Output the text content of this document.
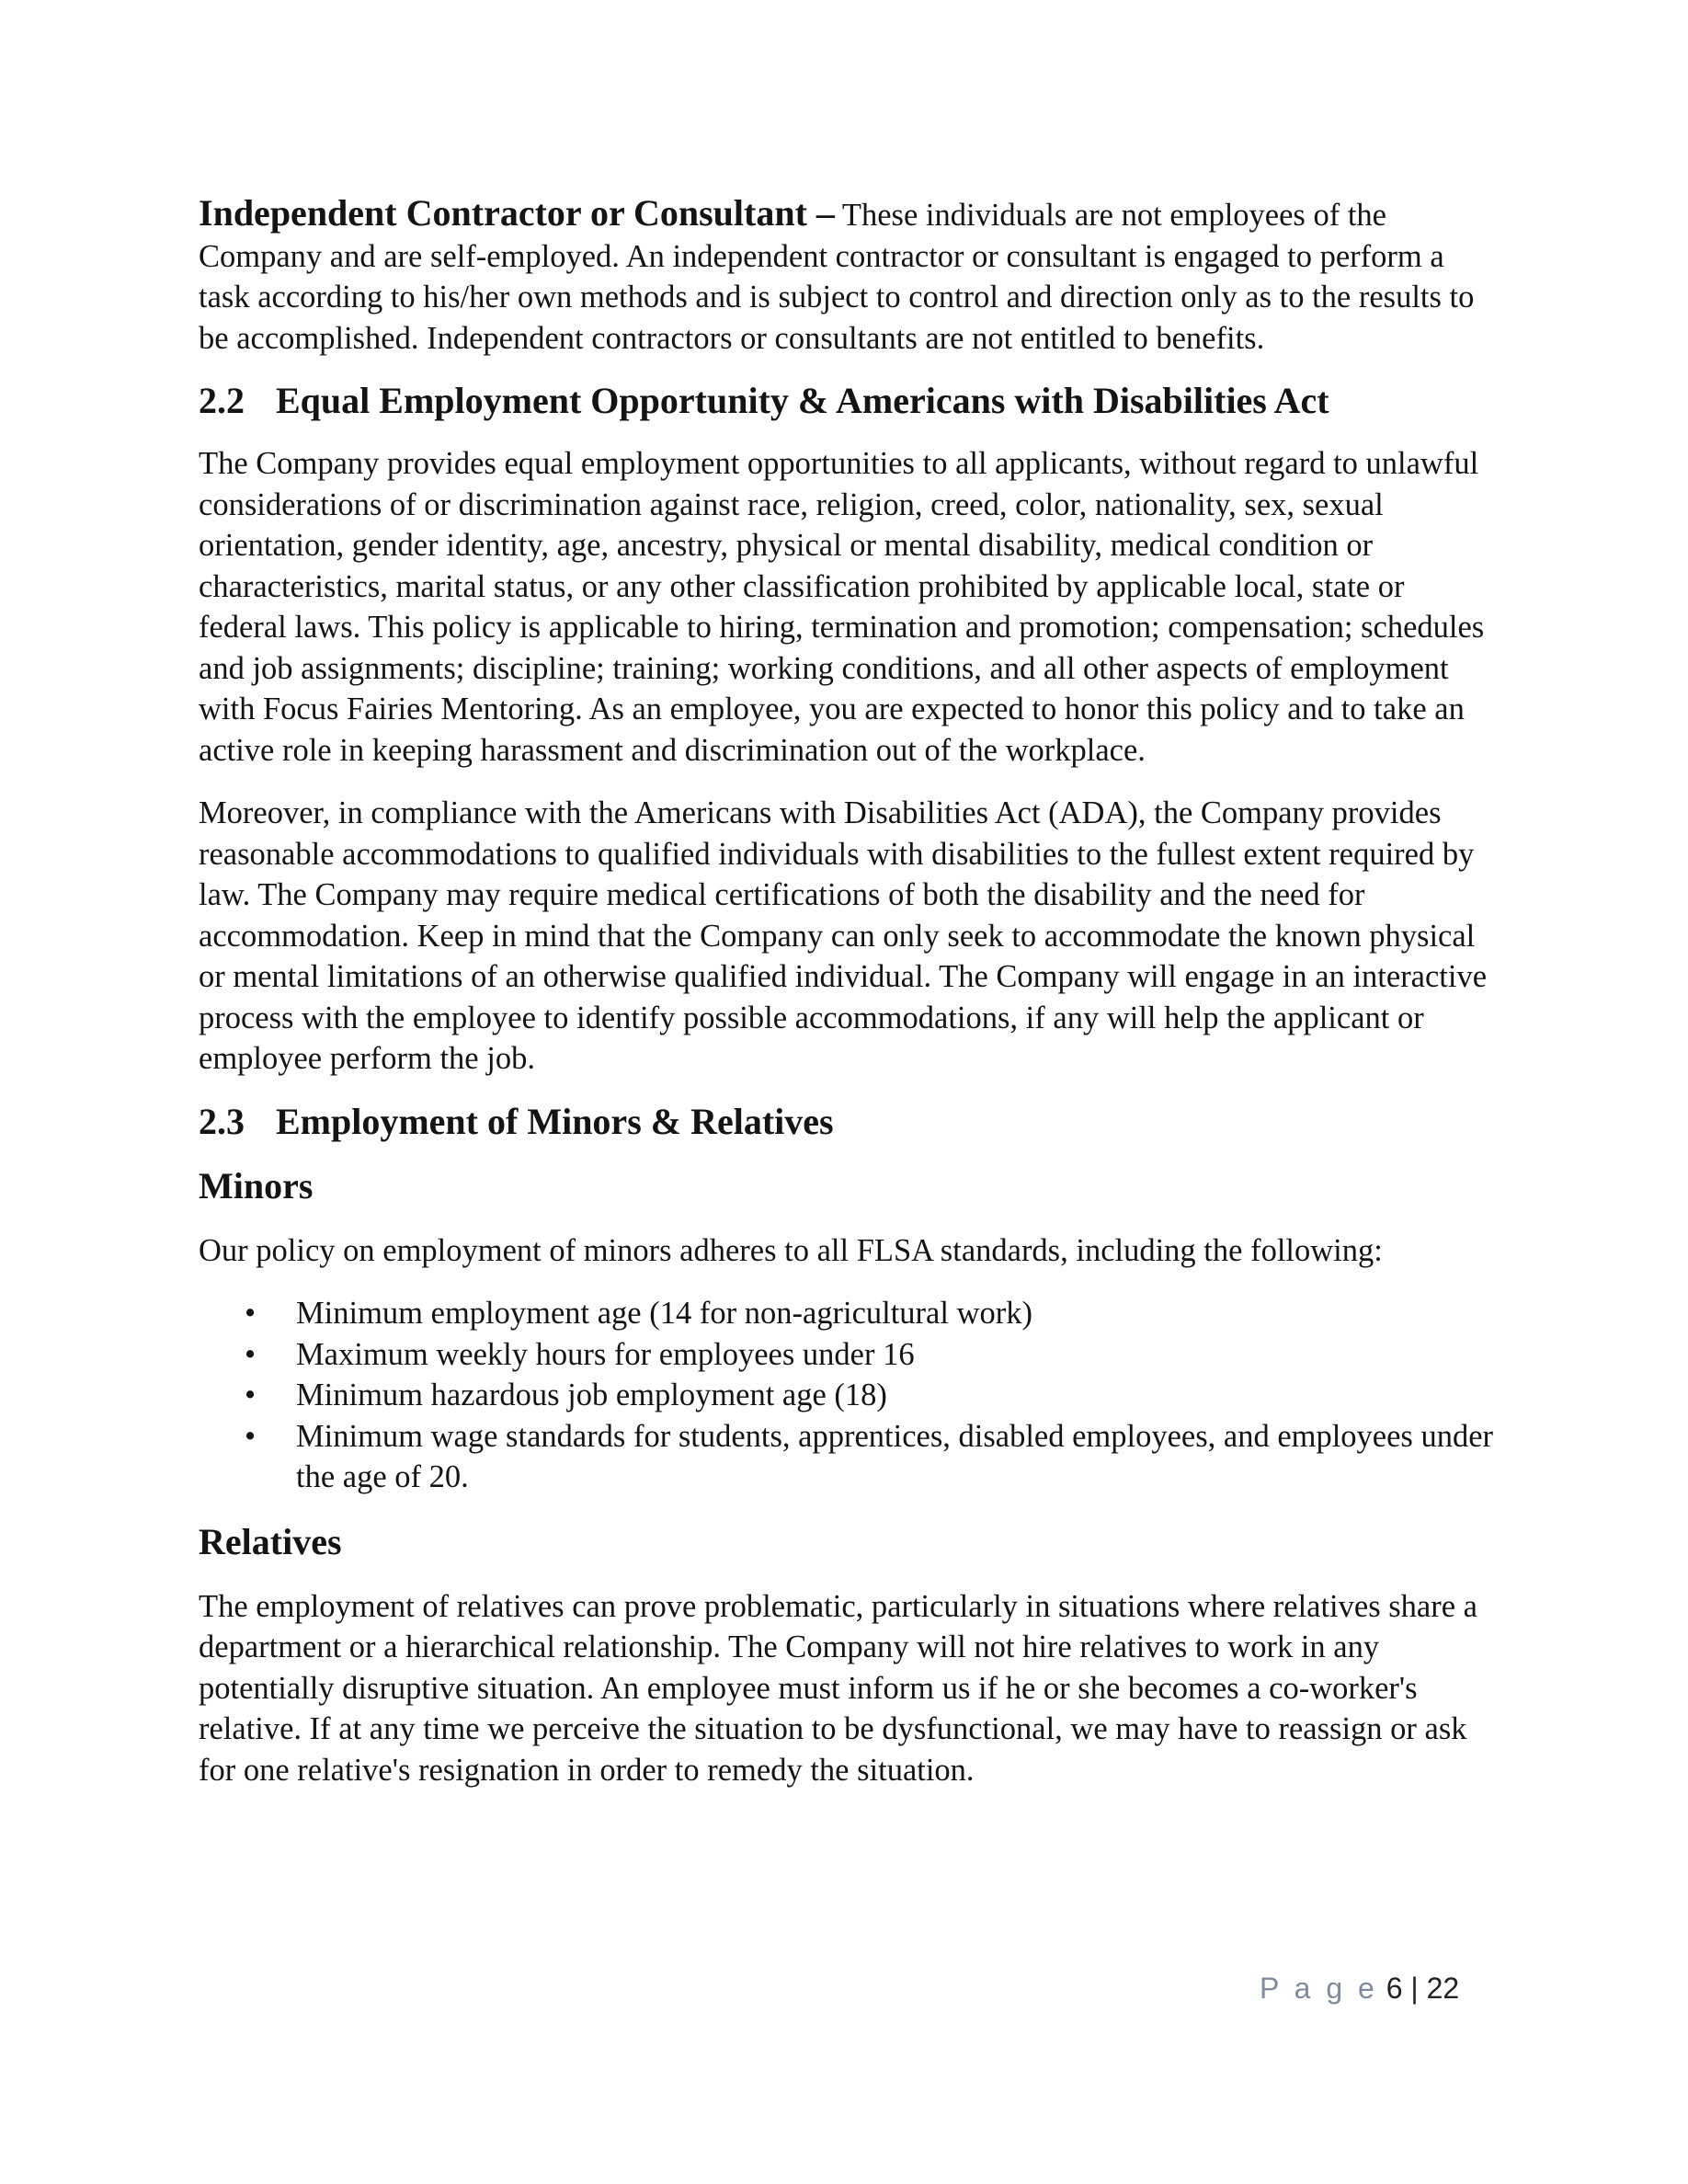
Independent Contractor or Consultant – These individuals are not employees of the Company and are self-employed. An independent contractor or consultant is engaged to perform a task according to his/her own methods and is subject to control and direction only as to the results to be accomplished. Independent contractors or consultants are not entitled to benefits.

2.2 Equal Employment Opportunity & Americans with Disabilities Act

The Company provides equal employment opportunities to all applicants, without regard to unlawful considerations of or discrimination against race, religion, creed, color, nationality, sex, sexual orientation, gender identity, age, ancestry, physical or mental disability, medical condition or characteristics, marital status, or any other classification prohibited by applicable local, state or federal laws. This policy is applicable to hiring, termination and promotion; compensation; schedules and job assignments; discipline; training; working conditions, and all other aspects of employment with Focus Fairies Mentoring. As an employee, you are expected to honor this policy and to take an active role in keeping harassment and discrimination out of the workplace.

Moreover, in compliance with the Americans with Disabilities Act (ADA), the Company provides reasonable accommodations to qualified individuals with disabilities to the fullest extent required by law. The Company may require medical certifications of both the disability and the need for accommodation. Keep in mind that the Company can only seek to accommodate the known physical or mental limitations of an otherwise qualified individual. The Company will engage in an interactive process with the employee to identify possible accommodations, if any will help the applicant or employee perform the job.

2.3 Employment of Minors & Relatives
Minors

Our policy on employment of minors adheres to all FLSA standards, including the following:

• Minimum employment age (14 for non-agricultural work)
• Maximum weekly hours for employees under 16
• Minimum hazardous job employment age (18)
• Minimum wage standards for students, apprentices, disabled employees, and employees under the age of 20.
Relatives

The employment of relatives can prove problematic, particularly in situations where relatives share a department or a hierarchical relationship. The Company will not hire relatives to work in any potentially disruptive situation. An employee must inform us if he or she becomes a co-worker's relative. If at any time we perceive the situation to be dysfunctional, we may have to reassign or ask for one relative's resignation in order to remedy the situation.

P a g e 6 | 22
